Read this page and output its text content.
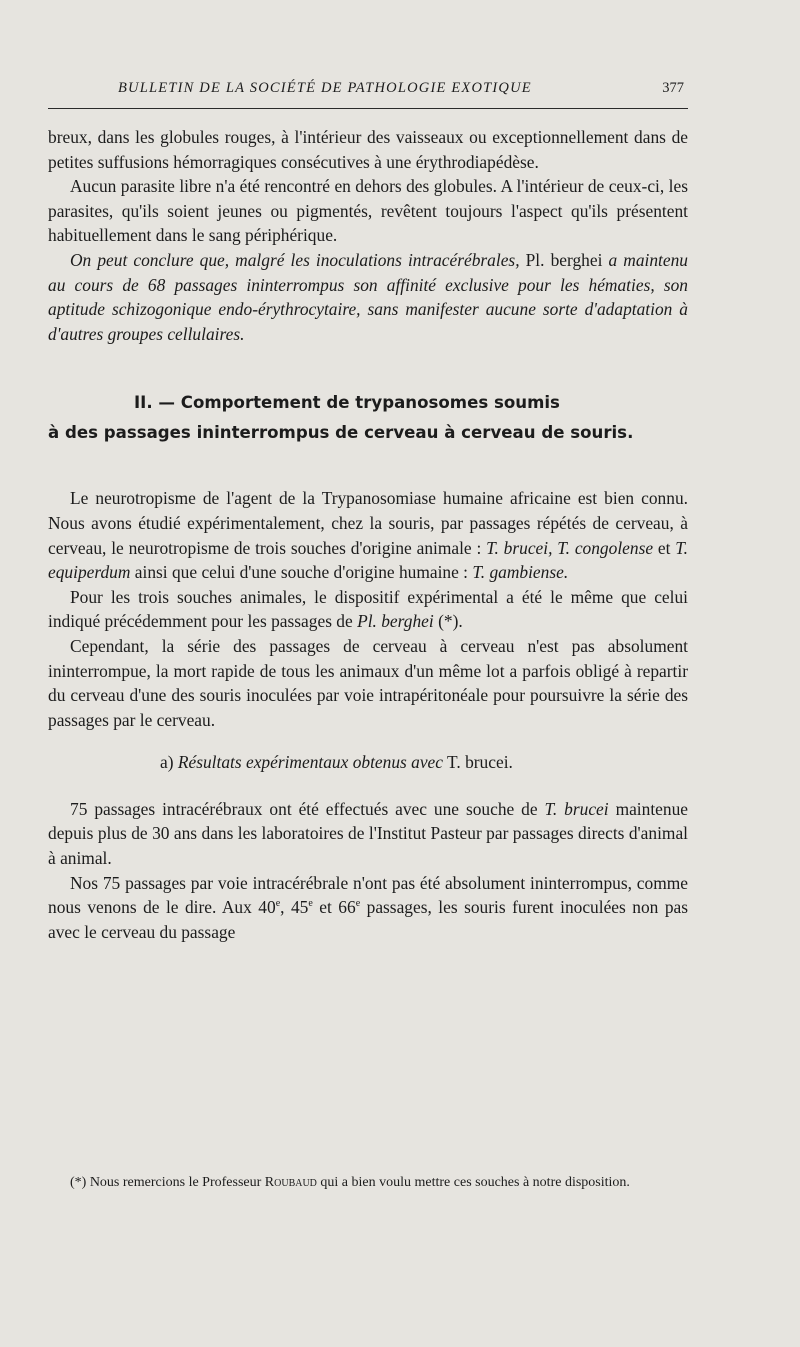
BULLETIN DE LA SOCIÉTÉ DE PATHOLOGIE EXOTIQUE	377

breux, dans les globules rouges, à l'intérieur des vaisseaux ou exceptionnellement dans de petites suffusions hémorragiques consécutives à une érythrodiapédèse.

Aucun parasite libre n'a été rencontré en dehors des globules. A l'intérieur de ceux-ci, les parasites, qu'ils soient jeunes ou pigmentés, revêtent toujours l'aspect qu'ils présentent habituellement dans le sang périphérique.

On peut conclure que, malgré les inoculations intracérébrales, Pl. berghei a maintenu au cours de 68 passages ininterrompus son affinité exclusive pour les hématies, son aptitude schizogonique endo-érythrocytaire, sans manifester aucune sorte d'adaptation à d'autres groupes cellulaires.

II. — Comportement de trypanosomes soumis
à des passages ininterrompus de cerveau à cerveau de souris.

Le neurotropisme de l'agent de la Trypanosomiase humaine africaine est bien connu. Nous avons étudié expérimentalement, chez la souris, par passages répétés de cerveau, à cerveau, le neurotropisme de trois souches d'origine animale : T. brucei, T. congolense et T. equiperdum ainsi que celui d'une souche d'origine humaine : T. gambiense.

Pour les trois souches animales, le dispositif expérimental a été le même que celui indiqué précédemment pour les passages de Pl. berghei (*).

Cependant, la série des passages de cerveau à cerveau n'est pas absolument ininterrompue, la mort rapide de tous les animaux d'un même lot a parfois obligé à repartir du cerveau d'une des souris inoculées par voie intrapéritonéale pour poursuivre la série des passages par le cerveau.

a) Résultats expérimentaux obtenus avec T. brucei.

75 passages intracérébraux ont été effectués avec une souche de T. brucei maintenue depuis plus de 30 ans dans les laboratoires de l'Institut Pasteur par passages directs d'animal à animal.

Nos 75 passages par voie intracérébrale n'ont pas été absolument ininterrompus, comme nous venons de le dire. Aux 40e, 45e et 66e passages, les souris furent inoculées non pas avec le cerveau du passage

(*) Nous remercions le Professeur Roubaud qui a bien voulu mettre ces souches à notre disposition.
